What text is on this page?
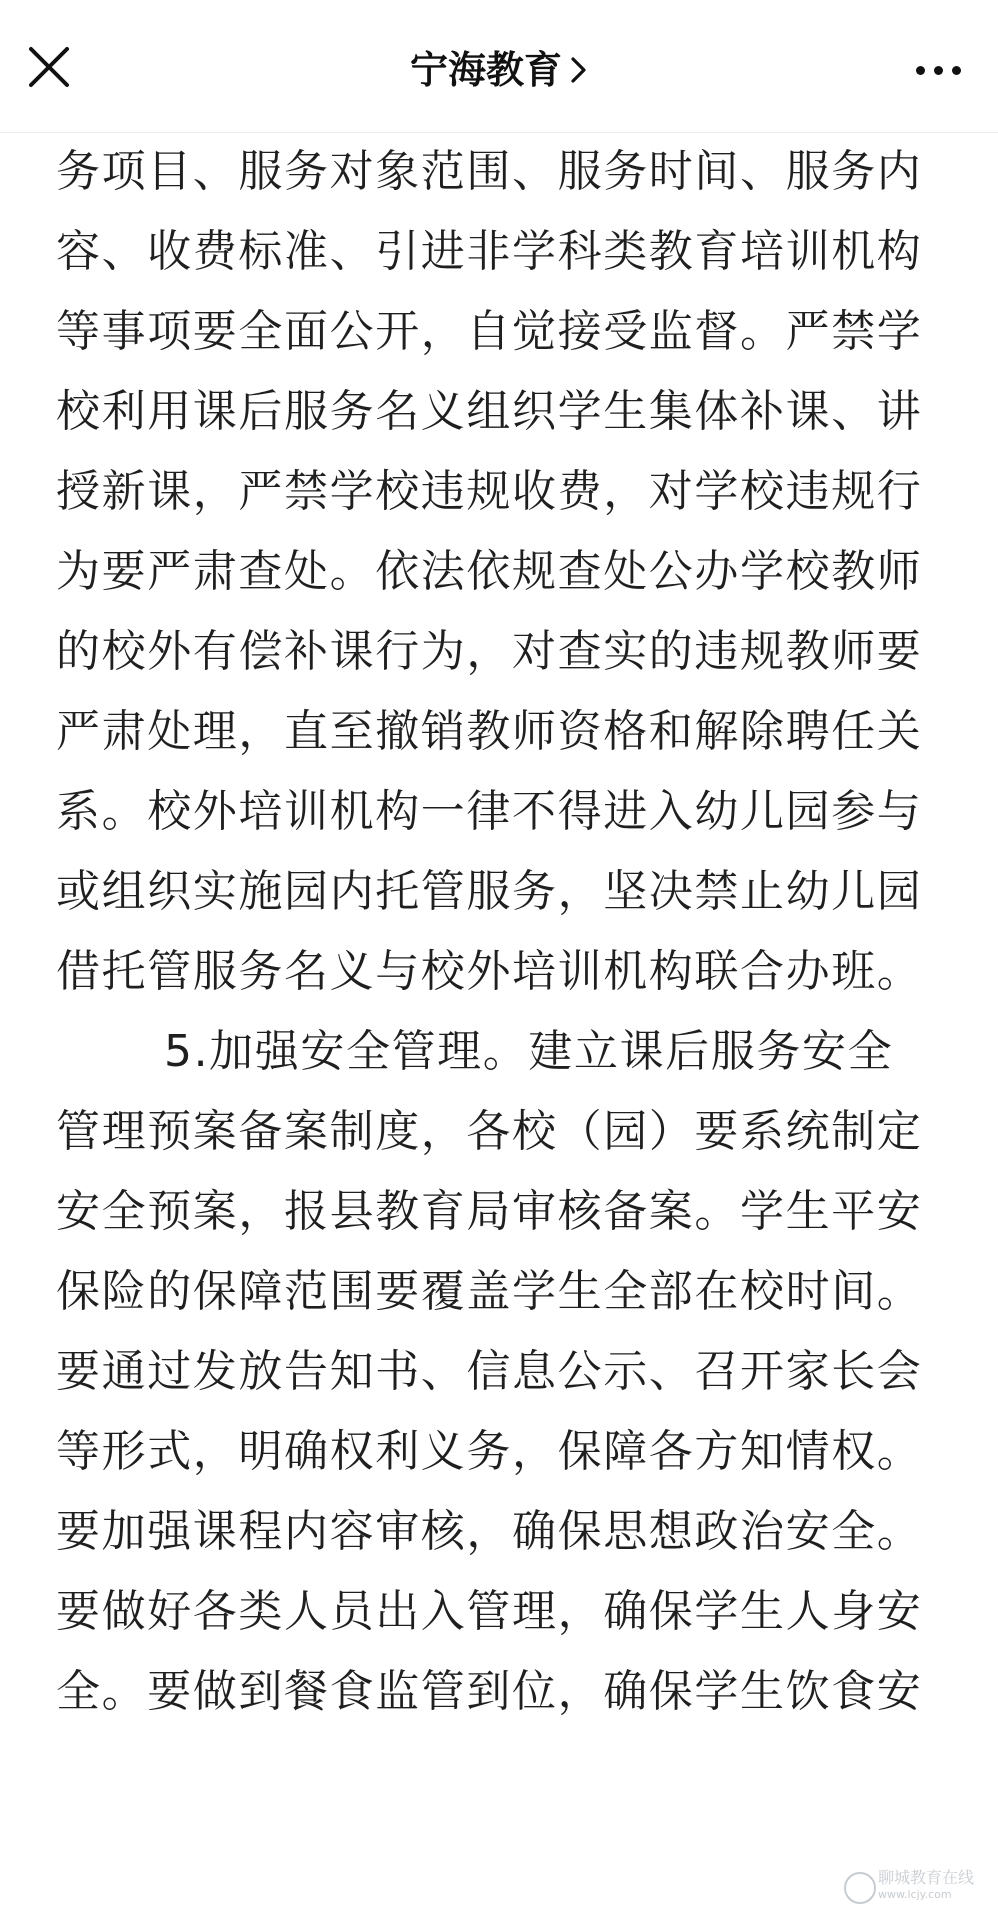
宁海教育
务项目、服务对象范围、服务时间、服务内
容、收费标准、引进非学科类教育培训机构
等事项要全面公开，自觉接受监督。严禁学
校利用课后服务名义组织学生集体补课、讲
授新课，严禁学校违规收费，对学校违规行
为要严肃查处。依法依规查处公办学校教师
的校外有偿补课行为，对查实的违规教师要
严肃处理，直至撤销教师资格和解除聘任关
系。校外培训机构一律不得进入幼儿园参与
或组织实施园内托管服务，坚决禁止幼儿园
借托管服务名义与校外培训机构联合办班。
5.加强安全管理。建立课后服务安全
管理预案备案制度，各校（园）要系统制定
安全预案，报县教育局审核备案。学生平安
保险的保障范围要覆盖学生全部在校时间。
要通过发放告知书、信息公示、召开家长会
等形式，明确权利义务，保障各方知情权。
要加强课程内容审核，确保思想政治安全。
要做好各类人员出入管理，确保学生人身安
全。要做到餐食监管到位，确保学生饮食安
聊城教育在线
www.lcjy.com
